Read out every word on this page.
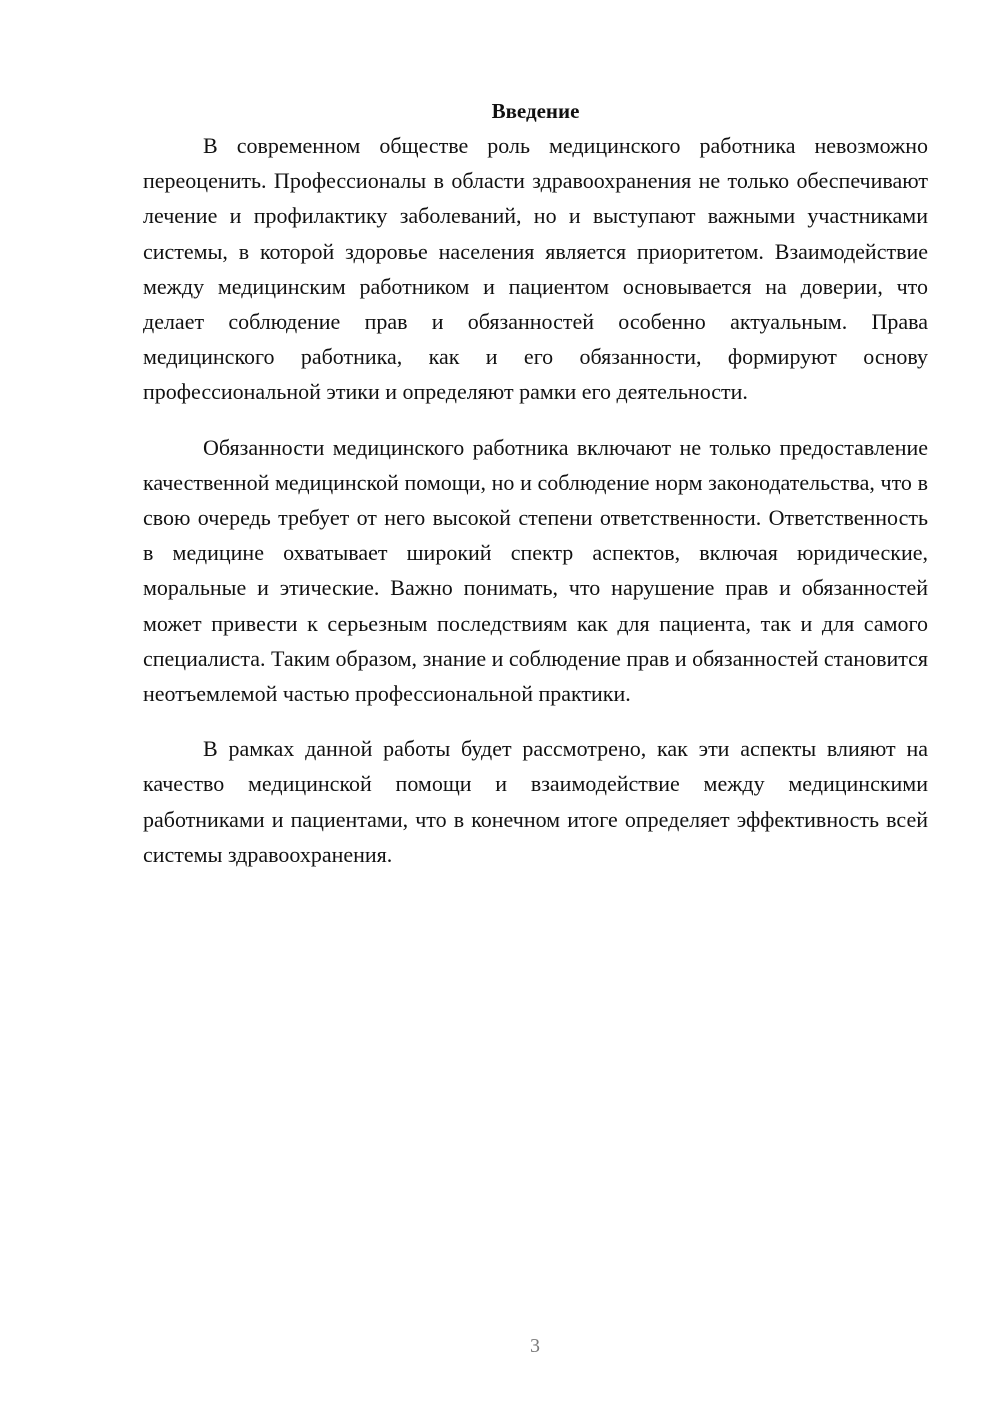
Введение

В современном обществе роль медицинского работника невозможно переоценить. Профессионалы в области здравоохранения не только обеспечивают лечение и профилактику заболеваний, но и выступают важными участниками системы, в которой здоровье населения является приоритетом. Взаимодействие между медицинским работником и пациентом основывается на доверии, что делает соблюдение прав и обязанностей особенно актуальным. Права медицинского работника, как и его обязанности, формируют основу профессиональной этики и определяют рамки его деятельности.

Обязанности медицинского работника включают не только предоставление качественной медицинской помощи, но и соблюдение норм законодательства, что в свою очередь требует от него высокой степени ответственности. Ответственность в медицине охватывает широкий спектр аспектов, включая юридические, моральные и этические. Важно понимать, что нарушение прав и обязанностей может привести к серьезным последствиям как для пациента, так и для самого специалиста. Таким образом, знание и соблюдение прав и обязанностей становится неотъемлемой частью профессиональной практики.

В рамках данной работы будет рассмотрено, как эти аспекты влияют на качество медицинской помощи и взаимодействие между медицинскими работниками и пациентами, что в конечном итоге определяет эффективность всей системы здравоохранения.

3
